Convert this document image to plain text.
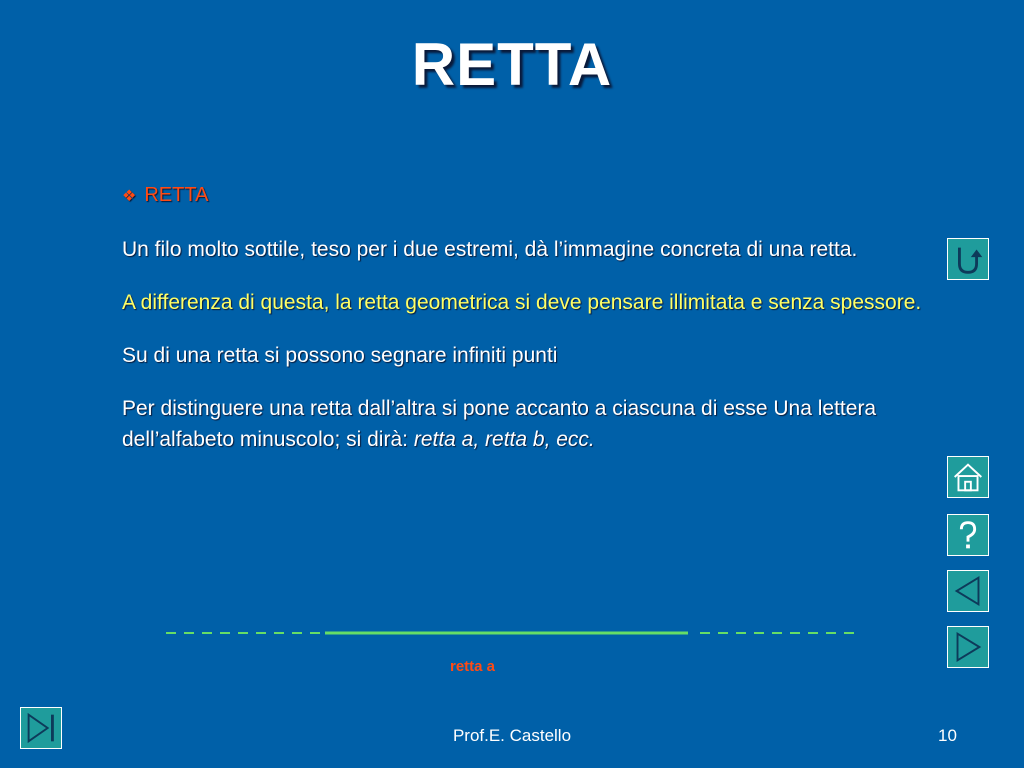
RETTA
❖ RETTA
Un filo molto sottile, teso per i due estremi, dà l’immagine concreta di una retta.
A differenza di questa, la retta geometrica si deve pensare illimitata e senza spessore.
Su di una retta si possono segnare infiniti punti
Per distinguere una retta dall’altra si pone accanto a ciascuna di esse Una lettera dell’alfabeto minuscolo; si dirà: retta a, retta b, ecc.
retta a
Prof.E. Castello	10
